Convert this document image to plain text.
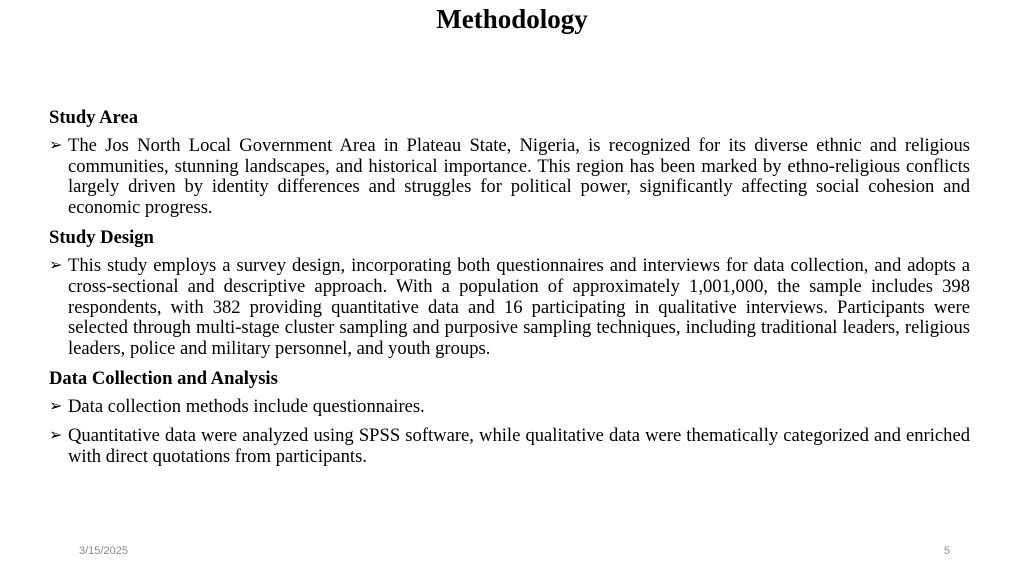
Methodology
Study Area
➢ The Jos North Local Government Area in Plateau State, Nigeria, is recognized for its diverse ethnic and religious communities, stunning landscapes, and historical importance. This region has been marked by ethno-religious conflicts largely driven by identity differences and struggles for political power, significantly affecting social cohesion and economic progress.
Study Design
➢ This study employs a survey design, incorporating both questionnaires and interviews for data collection, and adopts a cross-sectional and descriptive approach. With a population of approximately 1,001,000, the sample includes 398 respondents, with 382 providing quantitative data and 16 participating in qualitative interviews. Participants were selected through multi-stage cluster sampling and purposive sampling techniques, including traditional leaders, religious leaders, police and military personnel, and youth groups.
Data Collection and Analysis
➢ Data collection methods include questionnaires.
➢ Quantitative data were analyzed using SPSS software, while qualitative data were thematically categorized and enriched with direct quotations from participants.
3/15/2025	5
